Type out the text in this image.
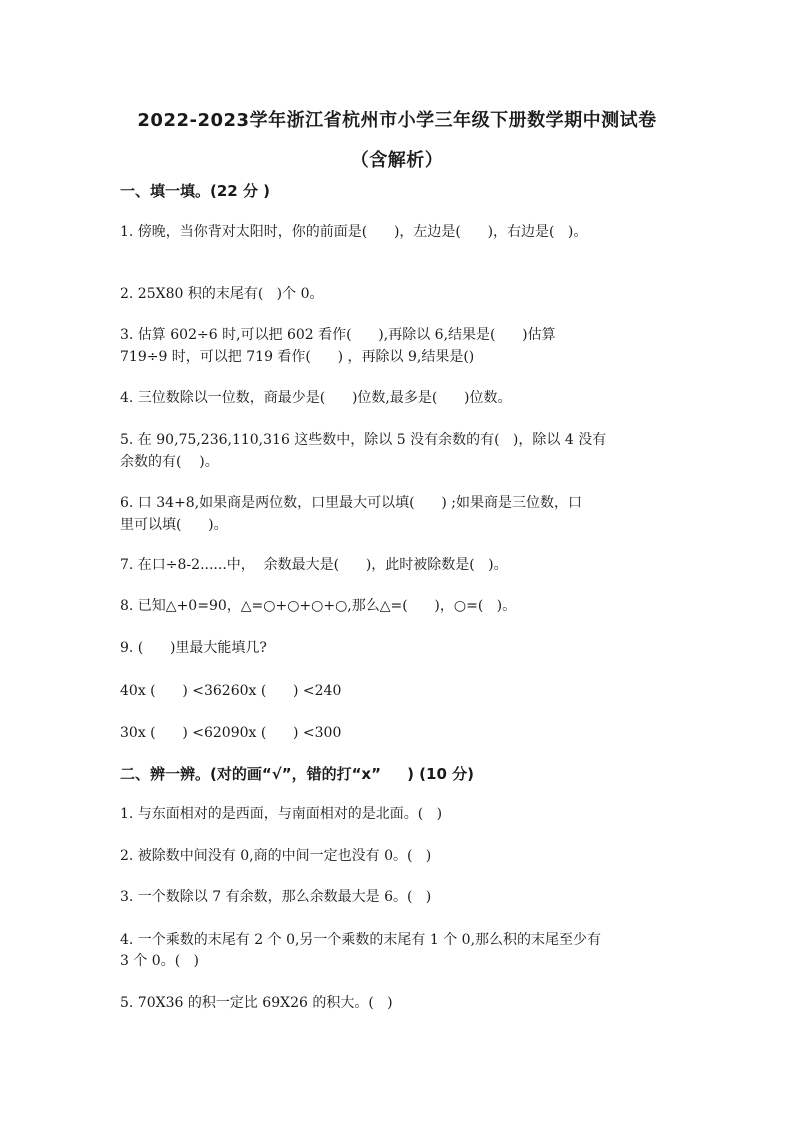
2022-2023学年浙江省杭州市小学三年级下册数学期中测试卷
（含解析）
一、填一填。(22 分 )
1. 傍晚，当你背对太阳时，你的前面是(      )，左边是(      )，右边是(   )。
2. 25X80 积的末尾有(   )个 0。
3. 估算 602÷6 时,可以把 602 看作(      ),再除以 6,结果是(      )估算
719÷9 时，可以把 719 看作(      ) ，再除以 9,结果是()
4. 三位数除以一位数，商最少是(      )位数,最多是(      )位数。
5. 在 90,75,236,110,316 这些数中，除以 5 没有余数的有(   )，除以 4 没有
余数的有(    )。
6. 口 34+8,如果商是两位数，口里最大可以填(      ) ;如果商是三位数，口
里可以填(      )。
7. 在口÷8-2......中，  余数最大是(      )，此时被除数是(   )。
8. 已知△+0=90，△=○+○+○+○,那么△=(      )，○=(   )。
9. (      )里最大能填几?
40x (      ) <36260x (      ) <240
30x (      ) <62090x (      ) <300
二、辨一辨。(对的画“√”，错的打“x”     ) (10 分)
1. 与东面相对的是西面，与南面相对的是北面。(   )
2. 被除数中间没有 0,商的中间一定也没有 0。(   )
3. 一个数除以 7 有余数，那么余数最大是 6。(   )
4. 一个乘数的末尾有 2 个 0,另一个乘数的末尾有 1 个 0,那么积的末尾至少有
3 个 0。(   )
5. 70X36 的积一定比 69X26 的积大。(   )
